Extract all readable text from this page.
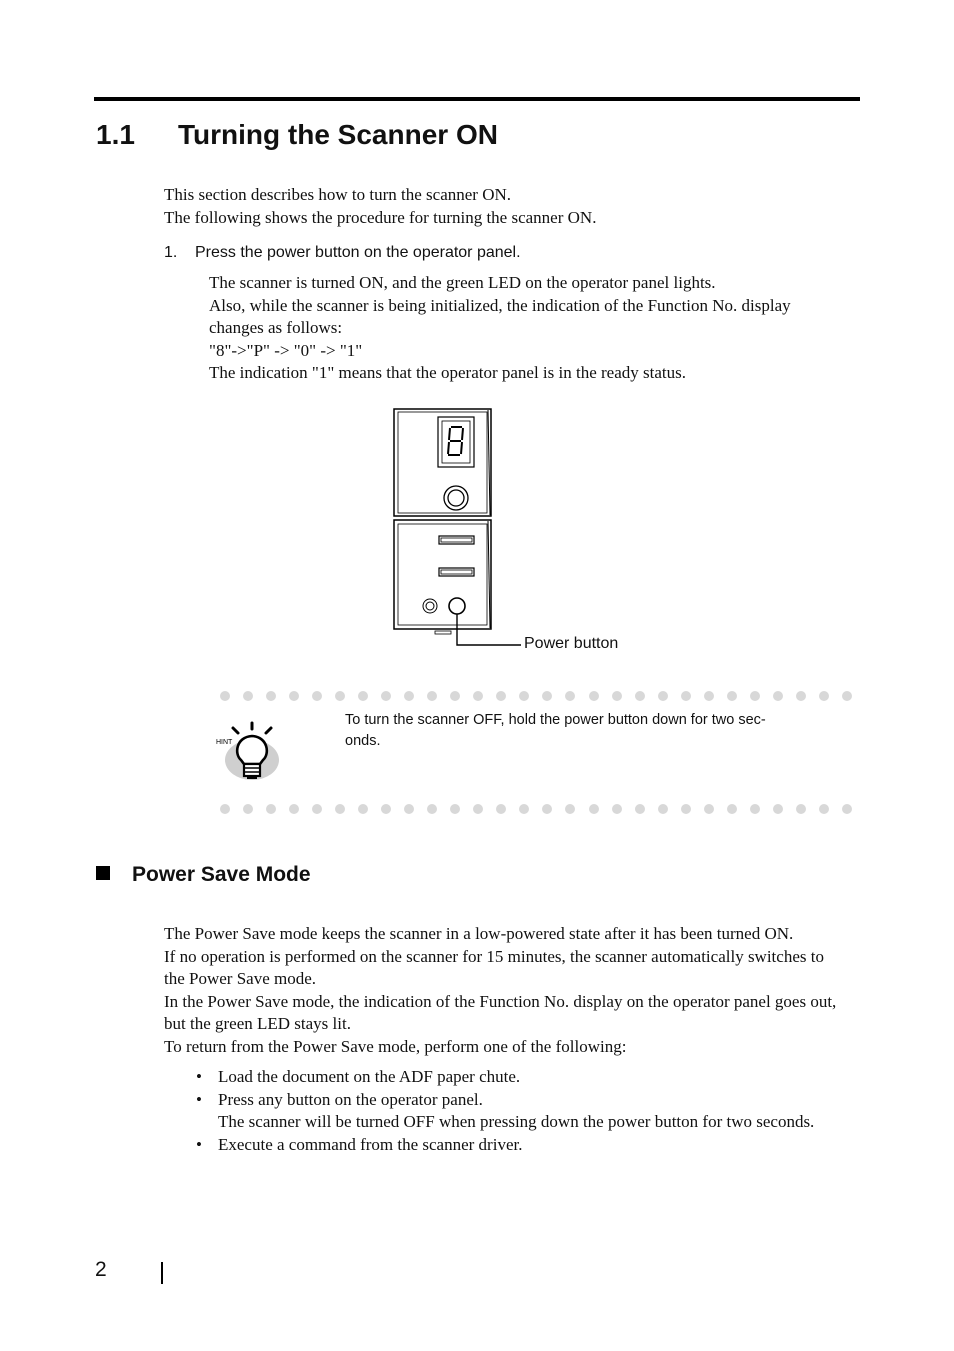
1.1 Turning the Scanner ON
This section describes how to turn the scanner ON.
The following shows the procedure for turning the scanner ON.
1. Press the power button on the operator panel.
The scanner is turned ON, and the green LED on the operator panel lights.
Also, while the scanner is being initialized, the indication of the Function No. display
changes as follows:
"8"->"P" -> "0" -> "1"
The indication "1" means that the operator panel is in the ready status.
Power button
HINT
To turn the scanner OFF, hold the power button down for two sec-
onds.
Power Save Mode
The Power Save mode keeps the scanner in a low-powered state after it has been turned ON.
If no operation is performed on the scanner for 15 minutes, the scanner automatically switches to
the Power Save mode.
In the Power Save mode, the indication of the Function No. display on the operator panel goes out,
but the green LED stays lit.
To return from the Power Save mode, perform one of the following:
• Load the document on the ADF paper chute.
• Press any button on the operator panel.
The scanner will be turned OFF when pressing down the power button for two seconds.
• Execute a command from the scanner driver.
2
